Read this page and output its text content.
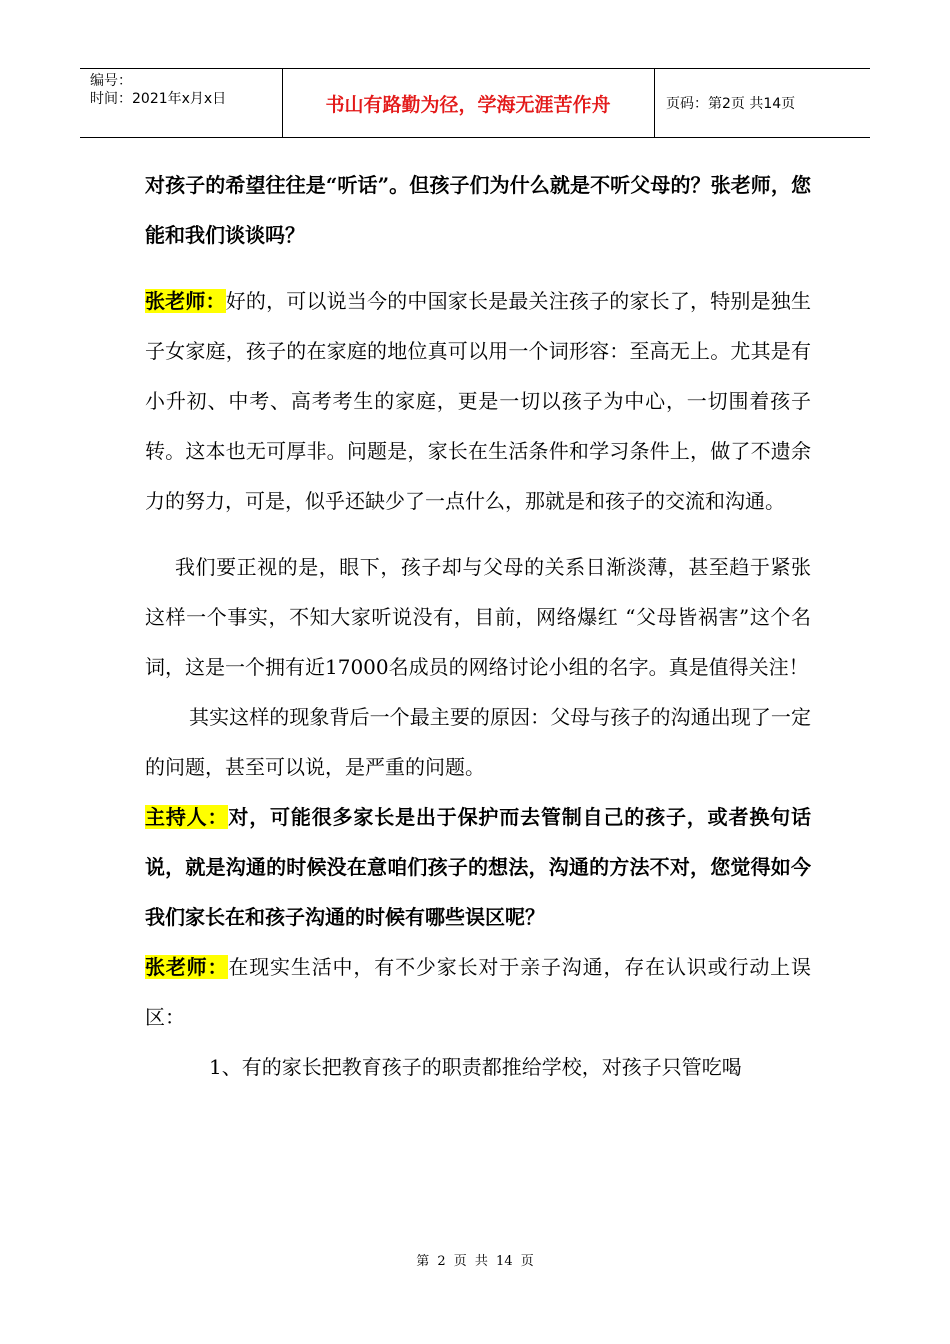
编号：
时间：2021年x月x日	书山有路勤为径，学海无涯苦作舟	页码：第2页 共14页

对孩子的希望往往是“听话”。但孩子们为什么就是不听父母的？张老师，您能和我们谈谈吗？

张老师：好的，可以说当今的中国家长是最关注孩子的家长了，特别是独生子女家庭，孩子的在家庭的地位真可以用一个词形容：至高无上。尤其是有小升初、中考、高考考生的家庭，更是一切以孩子为中心，一切围着孩子转。这本也无可厚非。问题是，家长在生活条件和学习条件上，做了不遗余力的努力，可是，似乎还缺少了一点什么，那就是和孩子的交流和沟通。

我们要正视的是，眼下，孩子却与父母的关系日渐淡薄，甚至趋于紧张这样一个事实，不知大家听说没有，目前，网络爆红 “父母皆祸害”这个名词，这是一个拥有近17000名成员的网络讨论小组的名字。真是值得关注！

其实这样的现象背后一个最主要的原因：父母与孩子的沟通出现了一定的问题，甚至可以说，是严重的问题。

主持人：对，可能很多家长是出于保护而去管制自己的孩子，或者换句话说，就是沟通的时候没在意咱们孩子的想法，沟通的方法不对，您觉得如今我们家长在和孩子沟通的时候有哪些误区呢？

张老师：在现实生活中，有不少家长对于亲子沟通，存在认识或行动上误区：

1、有的家长把教育孩子的职责都推给学校，对孩子只管吃喝

第 2 页 共 14 页
